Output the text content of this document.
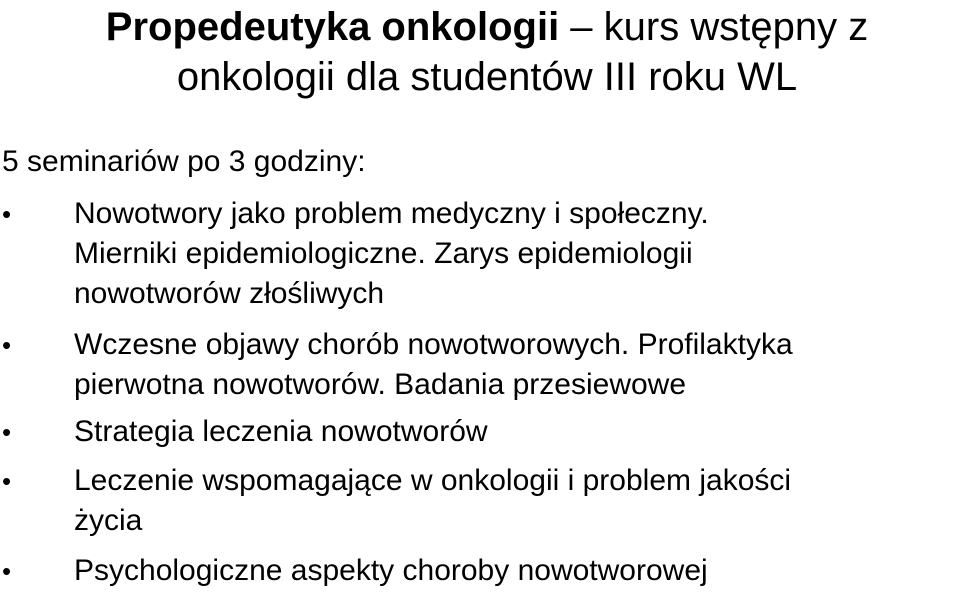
Propedeutyka onkologii – kurs wstępny z
onkologii dla studentów III roku WL

5 seminariów po 3 godziny:

• Nowotwory jako problem medyczny i społeczny.
Mierniki epidemiologiczne. Zarys epidemiologii
nowotworów złośliwych
• Wczesne objawy chorób nowotworowych. Profilaktyka
pierwotna nowotworów. Badania przesiewowe
• Strategia leczenia nowotworów
• Leczenie wspomagające w onkologii i problem jakości
życia
• Psychologiczne aspekty choroby nowotworowej
